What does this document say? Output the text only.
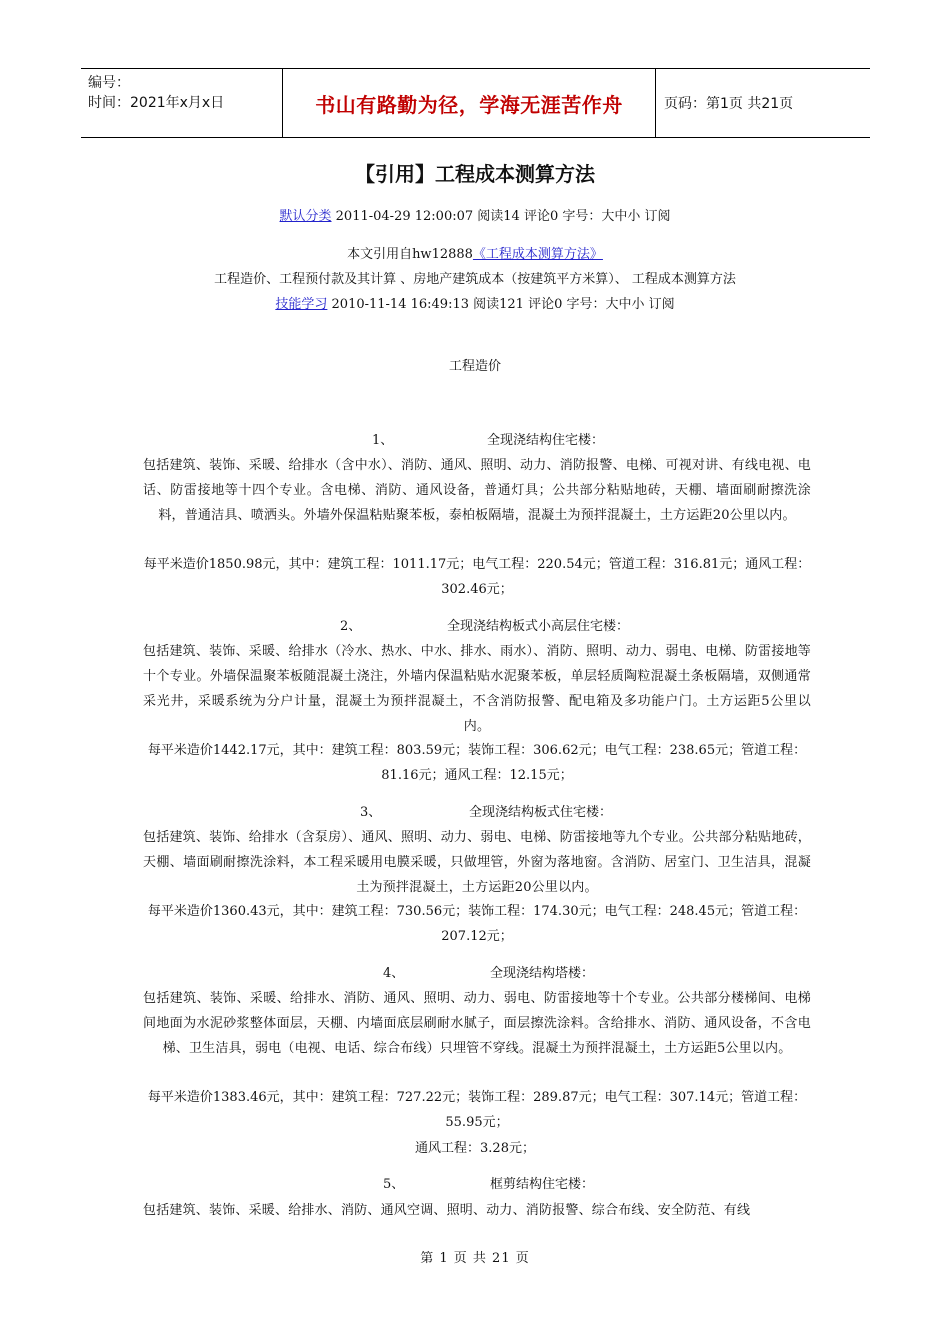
编号：
时间：2021年x月x日	书山有路勤为径，学海无涯苦作舟	页码：第1页 共21页
【引用】工程成本测算方法
默认分类 2011-04-29 12:00:07 阅读14 评论0 字号：大中小 订阅
本文引用自hw12888《工程成本测算方法》
工程造价、工程预付款及其计算 、房地产建筑成本（按建筑平方米算）、 工程成本测算方法
技能学习 2010-11-14 16:49:13 阅读121 评论0 字号：大中小 订阅
工程造价
1、	全现浇结构住宅楼：
包括建筑、装饰、采暖、给排水（含中水）、消防、通风、照明、动力、消防报警、电梯、可视对讲、有线电视、电话、防雷接地等十四个专业。含电梯、消防、通风设备，普通灯具；公共部分粘贴地砖，天棚、墙面刷耐擦洗涂料，普通洁具、喷洒头。外墙外保温粘贴聚苯板，泰柏板隔墙，混凝土为预拌混凝土，土方运距20公里以内。
每平米造价1850.98元，其中：建筑工程：1011.17元；电气工程：220.54元；管道工程：316.81元；通风工程：302.46元；
2、	全现浇结构板式小高层住宅楼：
包括建筑、装饰、采暖、给排水（冷水、热水、中水、排水、雨水）、消防、照明、动力、弱电、电梯、防雷接地等十个专业。外墙保温聚苯板随混凝土浇注，外墙内保温粘贴水泥聚苯板，单层轻质陶粒混凝土条板隔墙，双侧通常采光井，采暖系统为分户计量，混凝土为预拌混凝土，不含消防报警、配电箱及多功能户门。土方运距5公里以内。
每平米造价1442.17元，其中：建筑工程：803.59元；装饰工程：306.62元；电气工程：238.65元；管道工程：81.16元；通风工程：12.15元；
3、	全现浇结构板式住宅楼：
包括建筑、装饰、给排水（含泵房）、通风、照明、动力、弱电、电梯、防雷接地等九个专业。公共部分粘贴地砖，天棚、墙面刷耐擦洗涂料，本工程采暖用电膜采暖，只做埋管，外窗为落地窗。含消防、居室门、卫生洁具，混凝土为预拌混凝土，土方运距20公里以内。
每平米造价1360.43元，其中：建筑工程：730.56元；装饰工程：174.30元；电气工程：248.45元；管道工程：207.12元；
4、	全现浇结构塔楼：
包括建筑、装饰、采暖、给排水、消防、通风、照明、动力、弱电、防雷接地等十个专业。公共部分楼梯间、电梯间地面为水泥砂浆整体面层，天棚、内墙面底层刷耐水腻子，面层擦洗涂料。含给排水、消防、通风设备，不含电梯、卫生洁具，弱电（电视、电话、综合布线）只埋管不穿线。混凝土为预拌混凝土，土方运距5公里以内。
每平米造价1383.46元，其中：建筑工程：727.22元；装饰工程：289.87元；电气工程：307.14元；管道工程：55.95元；
通风工程：3.28元；
5、	框剪结构住宅楼：
包括建筑、装饰、采暖、给排水、消防、通风空调、照明、动力、消防报警、综合布线、安全防范、有线
第 1 页 共 21 页
